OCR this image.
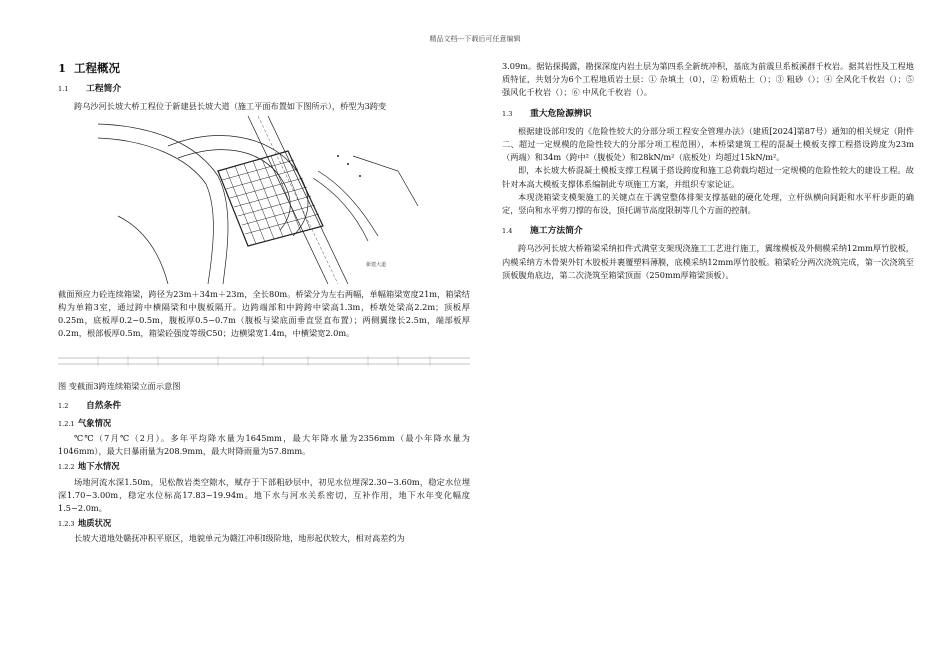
精品文档---下载后可任意编辑
1 工程概况
1.1 工程简介

跨乌沙河长坡大桥工程位于新建县长坡大道（施工平面布置如下图所示），桥型为3跨变

新建大道

截面预应力砼连续箱梁，跨径为23m＋34m＋23m，全长80m。桥梁分为左右两幅，单幅箱梁宽度21m，箱梁结构为单箱3室，通过跨中横隔梁和中腹板隔开。边跨端部和中跨跨中梁高1.3m，桥墩处梁高2.2m；顶板厚0.25m，底板厚0.2~0.5m，腹板厚0.5~0.7m（腹板与梁底面垂直竖直布置）；两侧翼缘长2.5m，端部板厚0.2m，根部板厚0.5m，箱梁砼强度等级C50；边横梁宽1.4m，中横梁宽2.0m。

图 变截面3跨连续箱梁立面示意图
1.2 自然条件
1.2.1 气象情况

℃℃（7月℃（2月）。多年平均降水量为1645mm，最大年降水量为2356mm（最小年降水量为1046mm），最大日暴雨量为208.9mm，最大时降雨量为57.8mm。

1.2.2 地下水情况

场地河流水深1.50m，见松散岩类空隙水，赋存于下部粗砂层中，初见水位埋深2.30~3.60m，稳定水位埋深1.70~3.00m，稳定水位标高17.83~19.94m。地下水与河水关系密切，互补作用，地下水年变化幅度1.5~2.0m。

1.2.3 地质状况

长坡大道地处赣抚冲积平原区，地貌单元为赣江冲积Ⅰ级阶地，地形起伏较大，相对高差约为

3.09m。据钻探揭露，勘探深度内岩土层为第四系全新统冲积，基底为前震旦系板溪群千枚岩。据其岩性及工程地质特征，共划分为6个工程地质岩土层：① 杂填土（0），② 粉质粘土（）；③ 粗砂（）；④ 全风化千枚岩（）；⑤ 强风化千枚岩（）；⑥ 中风化千枚岩（）。

1.3 重大危险源辨识

根据建设部印发的《危险性较大的分部分项工程安全管理办法》（建质[2024]第87号）通知的相关规定（附件二、超过一定规模的危险性较大的分部分项工程范围），本桥梁建筑工程的混凝土模板支撑工程搭设跨度为23m（两端）和34m（跨中²（腹板处）和28kN/m²（底板处）均超过15kN/m²。

即，本长坡大桥混凝土模板支撑工程属于搭设跨度和施工总荷载均超过一定规模的危险性较大的建设工程。故针对本高大模板支撑体系编制此专项施工方案，并组织专家论证。

本现浇箱梁支模架施工的关键点在于满堂整体排架支撑基础的硬化处理，立杆纵横向间距和水平杆步距的确定，竖向和水平剪刀撑的布设，顶托调节高度限制等几个方面的控制。

1.4 施工方法简介

跨乌沙河长坡大桥箱梁采纳扣件式满堂支架现浇施工工艺进行施工，翼缘模板及外侧模采纳12mm厚竹胶板，内模采纳方木骨架外钉木胶板并裹覆塑料薄膜，底模采纳12mm厚竹胶板。箱梁砼分两次浇筑完成，第一次浇筑至顶板腹角底边，第二次浇筑至箱梁顶面（250mm厚箱梁顶板）。
